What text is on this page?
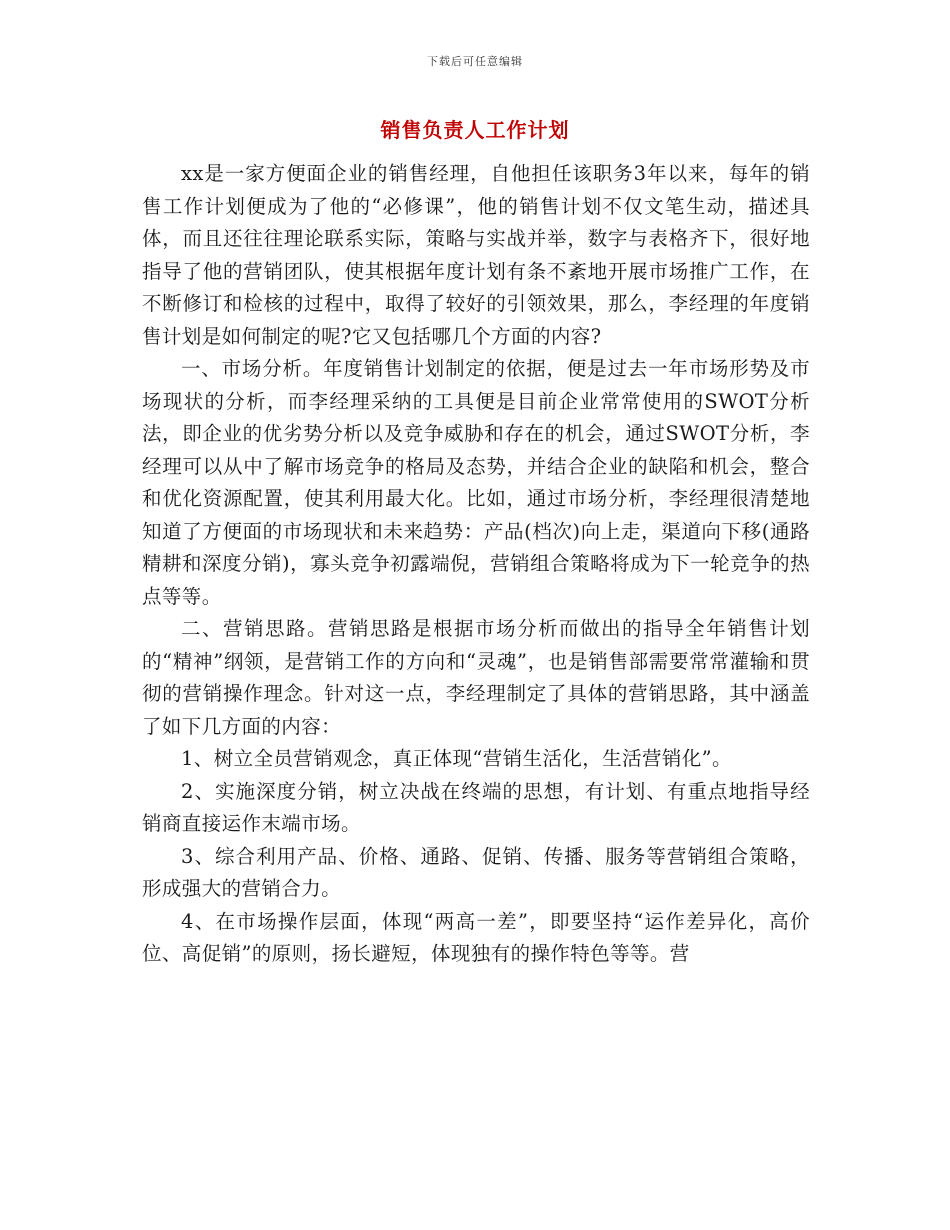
下载后可任意编辑
销售负责人工作计划

xx是一家方便面企业的销售经理，自他担任该职务3年以来，每年的销售工作计划便成为了他的“必修课”，他的销售计划不仅文笔生动，描述具体，而且还往往理论联系实际，策略与实战并举，数字与表格齐下，很好地指导了他的营销团队，使其根据年度计划有条不紊地开展市场推广工作，在不断修订和检核的过程中，取得了较好的引领效果，那么，李经理的年度销售计划是如何制定的呢?它又包括哪几个方面的内容?

一、市场分析。年度销售计划制定的依据，便是过去一年市场形势及市场现状的分析，而李经理采纳的工具便是目前企业常常使用的SWOT分析法，即企业的优劣势分析以及竞争威胁和存在的机会，通过SWOT分析，李经理可以从中了解市场竞争的格局及态势，并结合企业的缺陷和机会，整合和优化资源配置，使其利用最大化。比如，通过市场分析，李经理很清楚地知道了方便面的市场现状和未来趋势：产品(档次)向上走，渠道向下移(通路精耕和深度分销)，寡头竞争初露端倪，营销组合策略将成为下一轮竞争的热点等等。

二、营销思路。营销思路是根据市场分析而做出的指导全年销售计划的“精神”纲领，是营销工作的方向和“灵魂”，也是销售部需要常常灌输和贯彻的营销操作理念。针对这一点，李经理制定了具体的营销思路，其中涵盖了如下几方面的内容：

1、树立全员营销观念，真正体现“营销生活化，生活营销化”。

2、实施深度分销，树立决战在终端的思想，有计划、有重点地指导经销商直接运作末端市场。

3、综合利用产品、价格、通路、促销、传播、服务等营销组合策略，形成强大的营销合力。

4、在市场操作层面，体现“两高一差”，即要坚持“运作差异化，高价位、高促销”的原则，扬长避短，体现独有的操作特色等等。营
